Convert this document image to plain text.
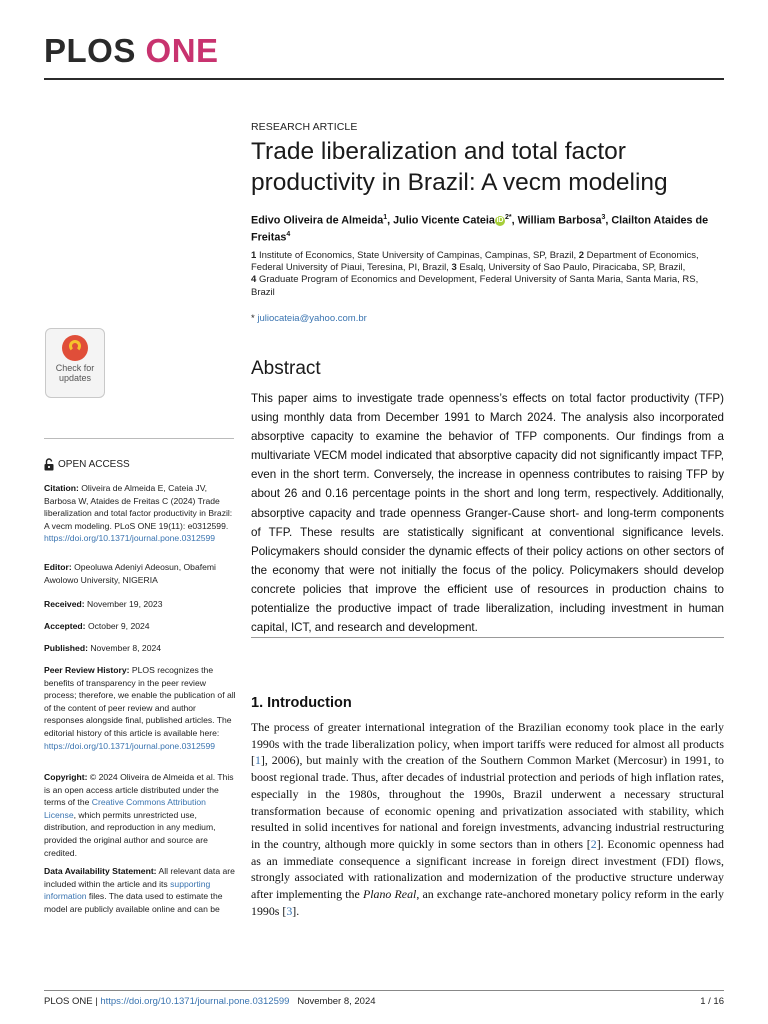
PLOS ONE
Check for
updates
RESEARCH ARTICLE
Trade liberalization and total factor productivity in Brazil: A vecm modeling
Edivo Oliveira de Almeida$^1$, Julio Vicente Cateia iD $^{2*}$, William Barbosa$^3$, Clailton Ataides de Freitas$^4$
1 Institute of Economics, State University of Campinas, Campinas, SP, Brazil, 2 Department of Economics, Federal University of Piaui, Teresina, PI, Brazil, 3 Esalq, University of Sao Paulo, Piracicaba, SP, Brazil,
4 Graduate Program of Economics and Development, Federal University of Santa Maria, Santa Maria, RS, Brazil
* juliocateia@yahoo.com.br
Abstract
This paper aims to investigate trade openness’s effects on total factor productivity (TFP) using monthly data from December 1991 to March 2024. The analysis also incorporated absorptive capacity to examine the behavior of TFP components. Our findings from a multivariate VECM model indicated that absorptive capacity did not significantly impact TFP, even in the short term. Conversely, the increase in openness contributes to raising TFP by about 26 and 0.16 percentage points in the short and long term, respectively. Additionally, absorptive capacity and trade openness Granger-Cause short- and long-term components of TFP. These results are statistically significant at conventional significance levels. Policymakers should consider the dynamic effects of their policy actions on other sectors of the economy that were not initially the focus of the policy. Policymakers should develop concrete policies that improve the efficient use of resources in production chains to potentialize the productive impact of trade liberalization, including investment in human capital, ICT, and research and development.
1. Introduction
The process of greater international integration of the Brazilian economy took place in the early 1990s with the trade liberalization policy, when import tariffs were reduced for almost all products [1], 2006), but mainly with the creation of the Southern Common Market (Mercosur) in 1991, to boost regional trade. Thus, after decades of industrial protection and periods of high inflation rates, especially in the 1980s, throughout the 1990s, Brazil underwent a necessary structural transformation because of economic opening and privatization associated with stability, which resulted in solid incentives for national and foreign investments, advancing industrial restructuring in the country, although more quickly in some sectors than in others [2]. Economic openness had as an immediate consequence a significant increase in foreign direct investment (FDI) flows, strongly associated with rationalization and modernization of the productive structure underway after implementing the Plano Real, an exchange rate-anchored monetary policy reform in the early 1990s [3].
OPEN ACCESS
Citation: Oliveira de Almeida E, Cateia JV, Barbosa W, Ataides de Freitas C (2024) Trade liberalization and total factor productivity in Brazil: A vecm modeling. PLoS ONE 19(11): e0312599. https://doi.org/10.1371/journal.pone.0312599
Editor: Opeoluwa Adeniyi Adeosun, Obafemi Awolowo University, NIGERIA
Received: November 19, 2023
Accepted: October 9, 2024
Published: November 8, 2024
Peer Review History: PLOS recognizes the benefits of transparency in the peer review process; therefore, we enable the publication of all of the content of peer review and author responses alongside final, published articles. The editorial history of this article is available here: https://doi.org/10.1371/journal.pone.0312599
Copyright: © 2024 Oliveira de Almeida et al. This is an open access article distributed under the terms of the Creative Commons Attribution License, which permits unrestricted use, distribution, and reproduction in any medium, provided the original author and source are credited.
Data Availability Statement: All relevant data are included within the article and its supporting information files. The data used to estimate the model are publicly available online and can be
PLOS ONE | https://doi.org/10.1371/journal.pone.0312599 November 8, 2024	1 / 16
